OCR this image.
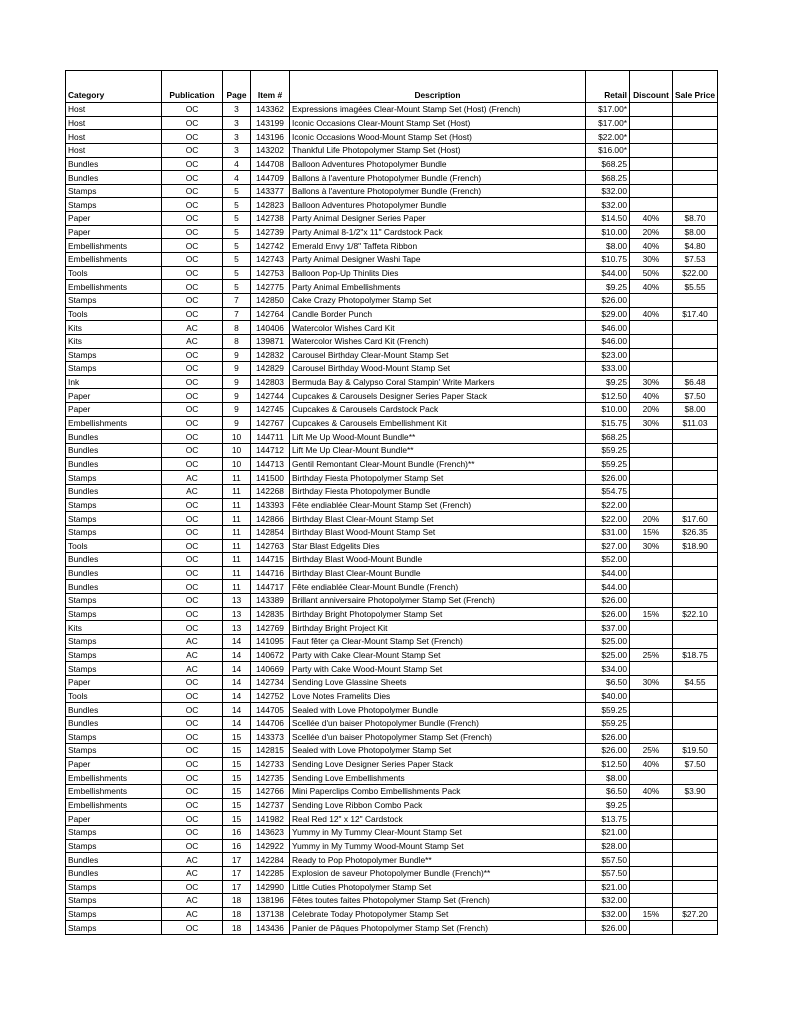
Category	Publication	Page	Item #	Description	Retail	Discount	Sale Price
Host	OC	3	143362	Expressions imagées Clear-Mount Stamp Set (Host) (French)	$17.00*		
Host	OC	3	143199	Iconic Occasions Clear-Mount Stamp Set (Host)	$17.00*		
Host	OC	3	143196	Iconic Occasions Wood-Mount Stamp Set (Host)	$22.00*		
Host	OC	3	143202	Thankful Life Photopolymer Stamp Set (Host)	$16.00*		
Bundles	OC	4	144708	Balloon Adventures Photopolymer Bundle	$68.25		
Bundles	OC	4	144709	Ballons à l'aventure Photopolymer Bundle (French)	$68.25		
Stamps	OC	5	143377	Ballons à l'aventure Photopolymer Bundle (French)	$32.00		
Stamps	OC	5	142823	Balloon Adventures Photopolymer Bundle	$32.00		
Paper	OC	5	142738	Party Animal Designer Series Paper	$14.50	40%	$8.70
Paper	OC	5	142739	Party Animal 8-1/2"x 11" Cardstock Pack	$10.00	20%	$8.00
Embellishments	OC	5	142742	Emerald Envy 1/8" Taffeta Ribbon	$8.00	40%	$4.80
Embellishments	OC	5	142743	Party Animal Designer Washi Tape	$10.75	30%	$7.53
Tools	OC	5	142753	Balloon Pop-Up Thinlits Dies	$44.00	50%	$22.00
Embellishments	OC	5	142775	Party Animal Embellishments	$9.25	40%	$5.55
Stamps	OC	7	142850	Cake Crazy Photopolymer Stamp Set	$26.00		
Tools	OC	7	142764	Candle Border Punch	$29.00	40%	$17.40
Kits	AC	8	140406	Watercolor Wishes Card Kit	$46.00		
Kits	AC	8	139871	Watercolor Wishes Card Kit (French)	$46.00		
Stamps	OC	9	142832	Carousel Birthday Clear-Mount Stamp Set	$23.00		
Stamps	OC	9	142829	Carousel Birthday Wood-Mount Stamp Set	$33.00		
Ink	OC	9	142803	Bermuda Bay & Calypso Coral Stampin' Write Markers	$9.25	30%	$6.48
Paper	OC	9	142744	Cupcakes & Carousels Designer Series Paper Stack	$12.50	40%	$7.50
Paper	OC	9	142745	Cupcakes & Carousels Cardstock Pack	$10.00	20%	$8.00
Embellishments	OC	9	142767	Cupcakes & Carousels Embellishment Kit	$15.75	30%	$11.03
Bundles	OC	10	144711	Lift Me Up Wood-Mount Bundle**	$68.25		
Bundles	OC	10	144712	Lift Me Up Clear-Mount Bundle**	$59.25		
Bundles	OC	10	144713	Gentil Remontant Clear-Mount Bundle (French)**	$59.25		
Stamps	AC	11	141500	Birthday Fiesta Photopolymer Stamp Set	$26.00		
Bundles	AC	11	142268	Birthday Fiesta Photopolymer Bundle	$54.75		
Stamps	OC	11	143393	Fête endiablée Clear-Mount Stamp Set (French)	$22.00		
Stamps	OC	11	142866	Birthday Blast Clear-Mount Stamp Set	$22.00	20%	$17.60
Stamps	OC	11	142854	Birthday Blast Wood-Mount Stamp Set	$31.00	15%	$26.35
Tools	OC	11	142763	Star Blast Edgelits Dies	$27.00	30%	$18.90
Bundles	OC	11	144715	Birthday Blast Wood-Mount Bundle	$52.00		
Bundles	OC	11	144716	Birthday Blast Clear-Mount Bundle	$44.00		
Bundles	OC	11	144717	Fête endiablée Clear-Mount Bundle (French)	$44.00		
Stamps	OC	13	143389	Brillant anniversaire Photopolymer Stamp Set (French)	$26.00		
Stamps	OC	13	142835	Birthday Bright Photopolymer Stamp Set	$26.00	15%	$22.10
Kits	OC	13	142769	Birthday Bright Project Kit	$37.00		
Stamps	AC	14	141095	Faut fêter ça Clear-Mount Stamp Set (French)	$25.00		
Stamps	AC	14	140672	Party with Cake Clear-Mount Stamp Set	$25.00	25%	$18.75
Stamps	AC	14	140669	Party with Cake Wood-Mount Stamp Set	$34.00		
Paper	OC	14	142734	Sending Love Glassine Sheets	$6.50	30%	$4.55
Tools	OC	14	142752	Love Notes Framelits Dies	$40.00		
Bundles	OC	14	144705	Sealed with Love Photopolymer Bundle	$59.25		
Bundles	OC	14	144706	Scellée d'un baiser Photopolymer Bundle (French)	$59.25		
Stamps	OC	15	143373	Scellée d'un baiser Photopolymer Stamp Set (French)	$26.00		
Stamps	OC	15	142815	Sealed with Love Photopolymer Stamp Set	$26.00	25%	$19.50
Paper	OC	15	142733	Sending Love Designer Series Paper Stack	$12.50	40%	$7.50
Embellishments	OC	15	142735	Sending Love Embellishments	$8.00		
Embellishments	OC	15	142766	Mini Paperclips Combo Embellishments Pack	$6.50	40%	$3.90
Embellishments	OC	15	142737	Sending Love Ribbon Combo Pack	$9.25		
Paper	OC	15	141982	Real Red 12" x 12" Cardstock	$13.75		
Stamps	OC	16	143623	Yummy in My Tummy Clear-Mount Stamp Set	$21.00		
Stamps	OC	16	142922	Yummy in My Tummy Wood-Mount Stamp Set	$28.00		
Bundles	AC	17	142284	Ready to Pop Photopolymer Bundle**	$57.50		
Bundles	AC	17	142285	Explosion de saveur Photopolymer Bundle (French)**	$57.50		
Stamps	OC	17	142990	Little Cuties Photopolymer Stamp Set	$21.00		
Stamps	AC	18	138196	Fêtes toutes faites Photopolymer Stamp Set (French)	$32.00		
Stamps	AC	18	137138	Celebrate Today Photopolymer Stamp Set	$32.00	15%	$27.20
Stamps	OC	18	143436	Panier de Pâques Photopolymer Stamp Set (French)	$26.00		
